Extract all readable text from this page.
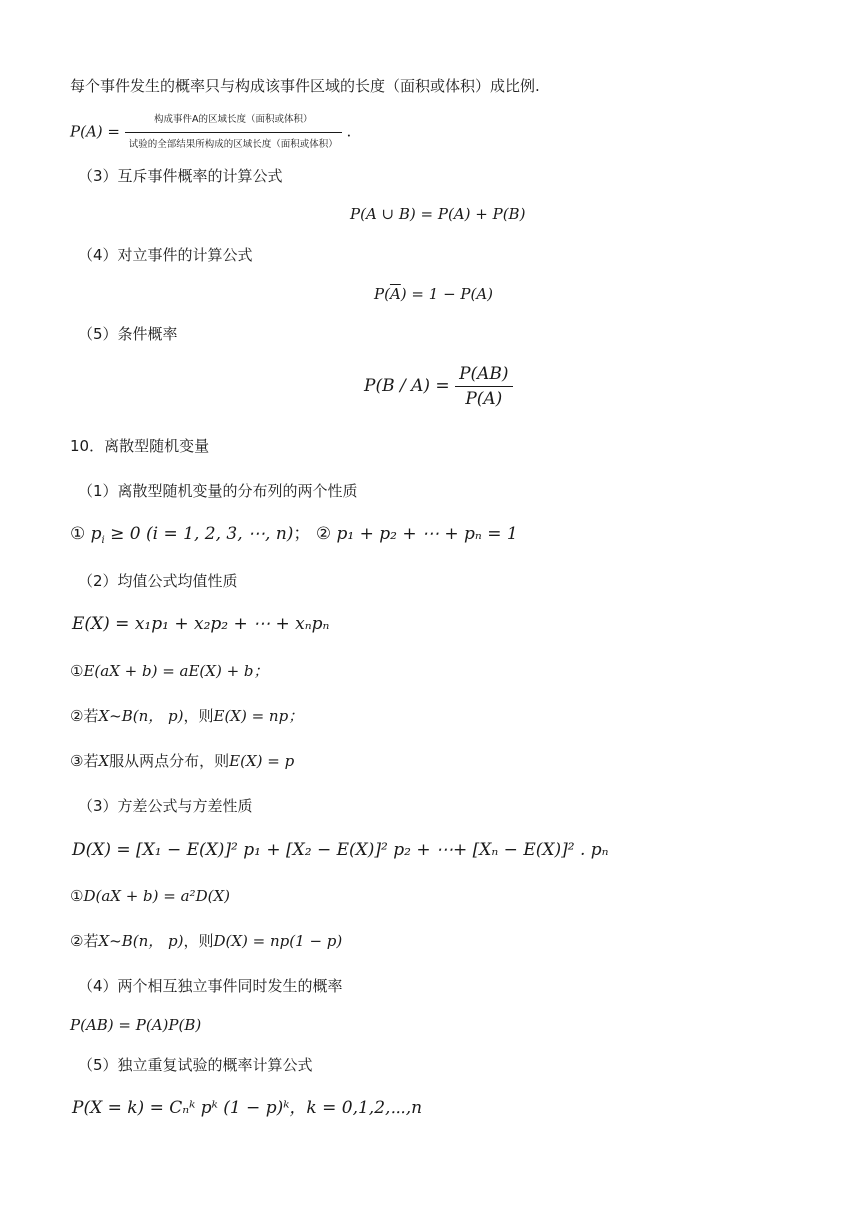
每个事件发生的概率只与构成该事件区域的长度（面积或体积）成比例.
$P(A) = \frac{\text{构成事件A的区域长度（面积或体积）}}{\text{试验的全部结果所构成的区域长度（面积或体积）}}$ .
（3）互斥事件概率的计算公式
P(A ∪ B) = P(A) + P(B)
（4）对立事件的计算公式
$P(\overline{A}) = 1 - P(A)$
（5）条件概率
$P(B / A) = \frac{P(AB)}{P(A)}$
10．离散型随机变量
（1）离散型随机变量的分布列的两个性质
① $p_i \ge 0$ (i = 1, 2, 3, ⋯, n)； ② p₁ + p₂ + ⋯ + pₙ = 1
（2）均值公式均值性质
E(X) = x₁p₁ + x₂p₂ + ⋯ + xₙpₙ
①E(aX + b) = aE(X) + b；
②若X~B(n， p)，则E(X) = np；
③若X服从两点分布，则E(X) = p
（3）方差公式与方差性质
D(X) = [X₁ − E(X)]² p₁ + [X₂ − E(X)]² p₂ + ⋯+ [Xₙ − E(X)]² . pₙ
①D(aX + b) = a²D(X)
②若X~B(n， p)，则D(X) = np(1 − p)
（4）两个相互独立事件同时发生的概率
P(AB) = P(A)P(B)
（5）独立重复试验的概率计算公式
P(X = k) = Cₙᵏ pᵏ (1 − p)ᵏ，k = 0,1,2,⋯,n
